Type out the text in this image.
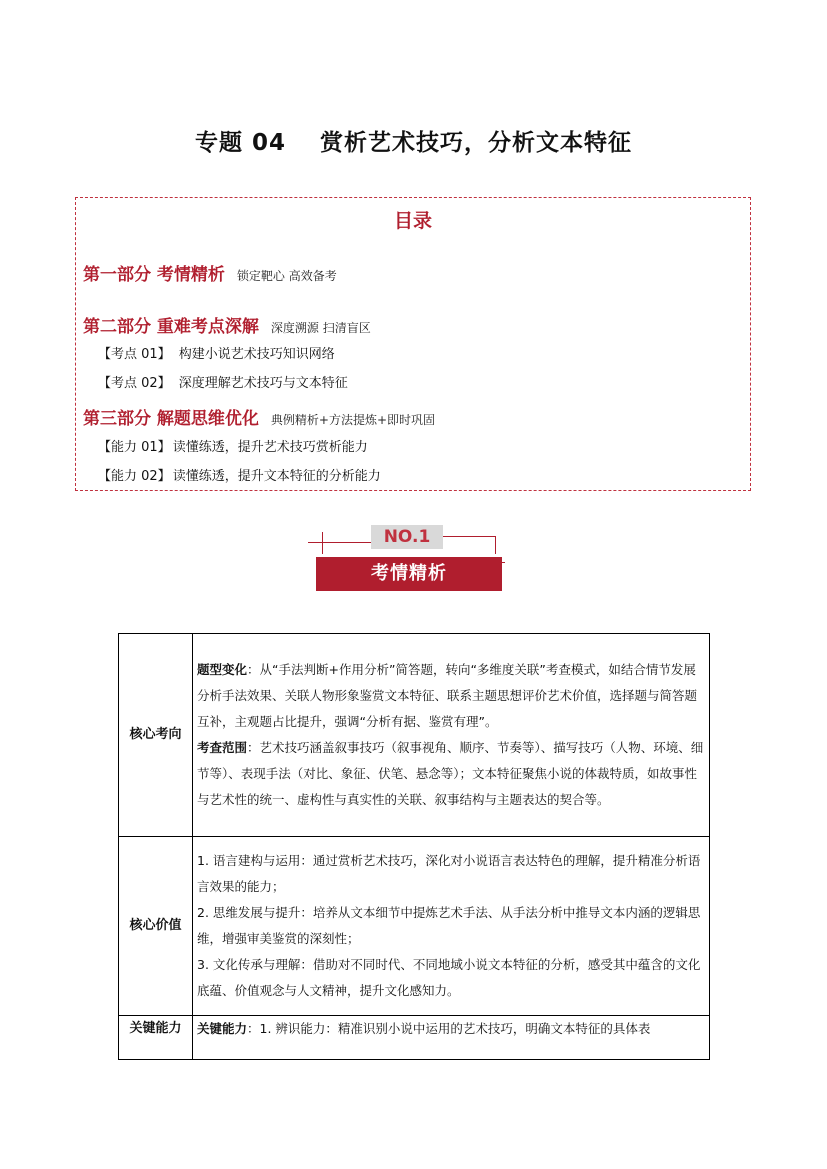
专题 04 赏析艺术技巧，分析文本特征
目录
第一部分 考情精析 锁定靶心 高效备考
第二部分 重难考点深解 深度溯源 扫清盲区
【考点 01】 构建小说艺术技巧知识网络
【考点 02】 深度理解艺术技巧与文本特征
第三部分 解题思维优化 典例精析+方法提炼+即时巩固
【能力 01】 读懂练透，提升艺术技巧赏析能力
【能力 02】 读懂练透，提升文本特征的分析能力
NO.1
考情精析
核心考向	题型变化：从“手法判断+作用分析”简答题，转向“多维度关联”考查模式，如结合情节发展分析手法效果、关联人物形象鉴赏文本特征、联系主题思想评价艺术价值，选择题与简答题互补，主观题占比提升，强调“分析有据、鉴赏有理”。
考查范围：艺术技巧涵盖叙事技巧（叙事视角、顺序、节奏等）、描写技巧（人物、环境、细节等）、表现手法（对比、象征、伏笔、悬念等）；文本特征聚焦小说的体裁特质，如故事性与艺术性的统一、虚构性与真实性的关联、叙事结构与主题表达的契合等。

核心价值	1. 语言建构与运用：通过赏析艺术技巧，深化对小说语言表达特色的理解，提升精准分析语言效果的能力；
2. 思维发展与提升：培养从文本细节中提炼艺术手法、从手法分析中推导文本内涵的逻辑思维，增强审美鉴赏的深刻性；
3. 文化传承与理解：借助对不同时代、不同地域小说文本特征的分析，感受其中蕴含的文化底蕴、价值观念与人文精神，提升文化感知力。

关键能力	关键能力：1. 辨识能力：精准识别小说中运用的艺术技巧，明确文本特征的具体表
